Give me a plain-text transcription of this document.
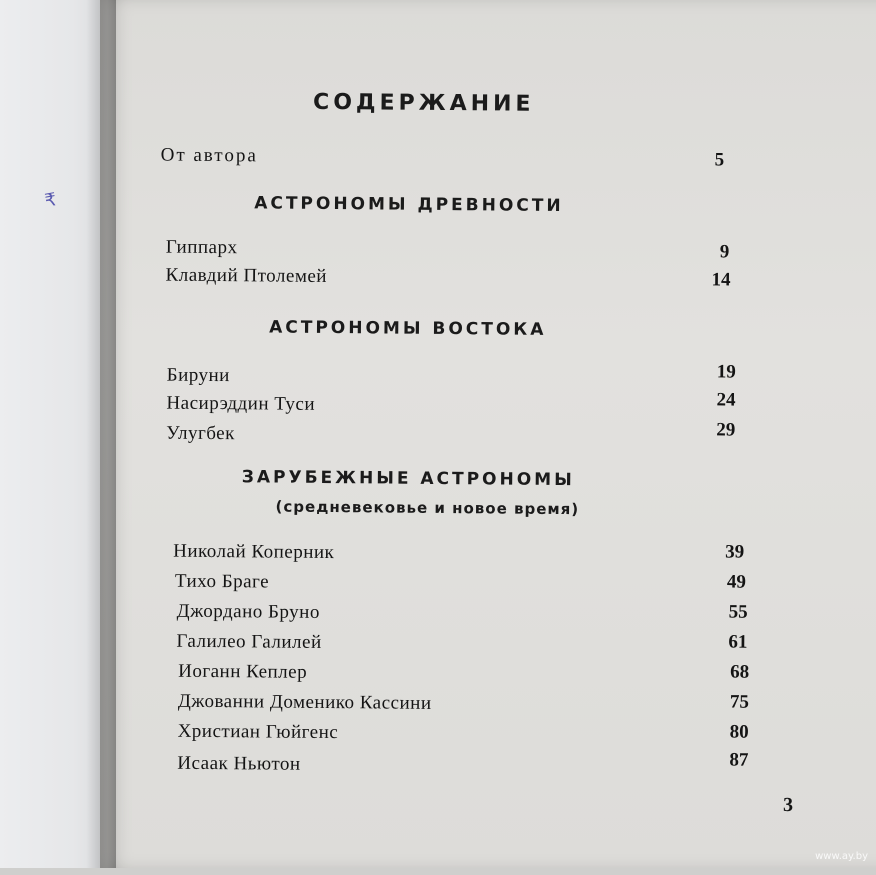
₹
СОДЕРЖАНИЕ
От автора	5
АСТРОНОМЫ ДРЕВНОСТИ
Гиппарх	9
Клавдий Птолемей	14
АСТРОНОМЫ ВОСТОКА
Бируни	19
Насирэддин Туси	24
Улугбек	29
ЗАРУБЕЖНЫЕ АСТРОНОМЫ
(средневековье и новое время)
Николай Коперник	39
Тихо Браге	49
Джордано Бруно	55
Галилео Галилей	61
Иоганн Кеплер	68
Джованни Доменико Кассини	75
Христиан Гюйгенс	80
Исаак Ньютон	87
3
www.ay.by
